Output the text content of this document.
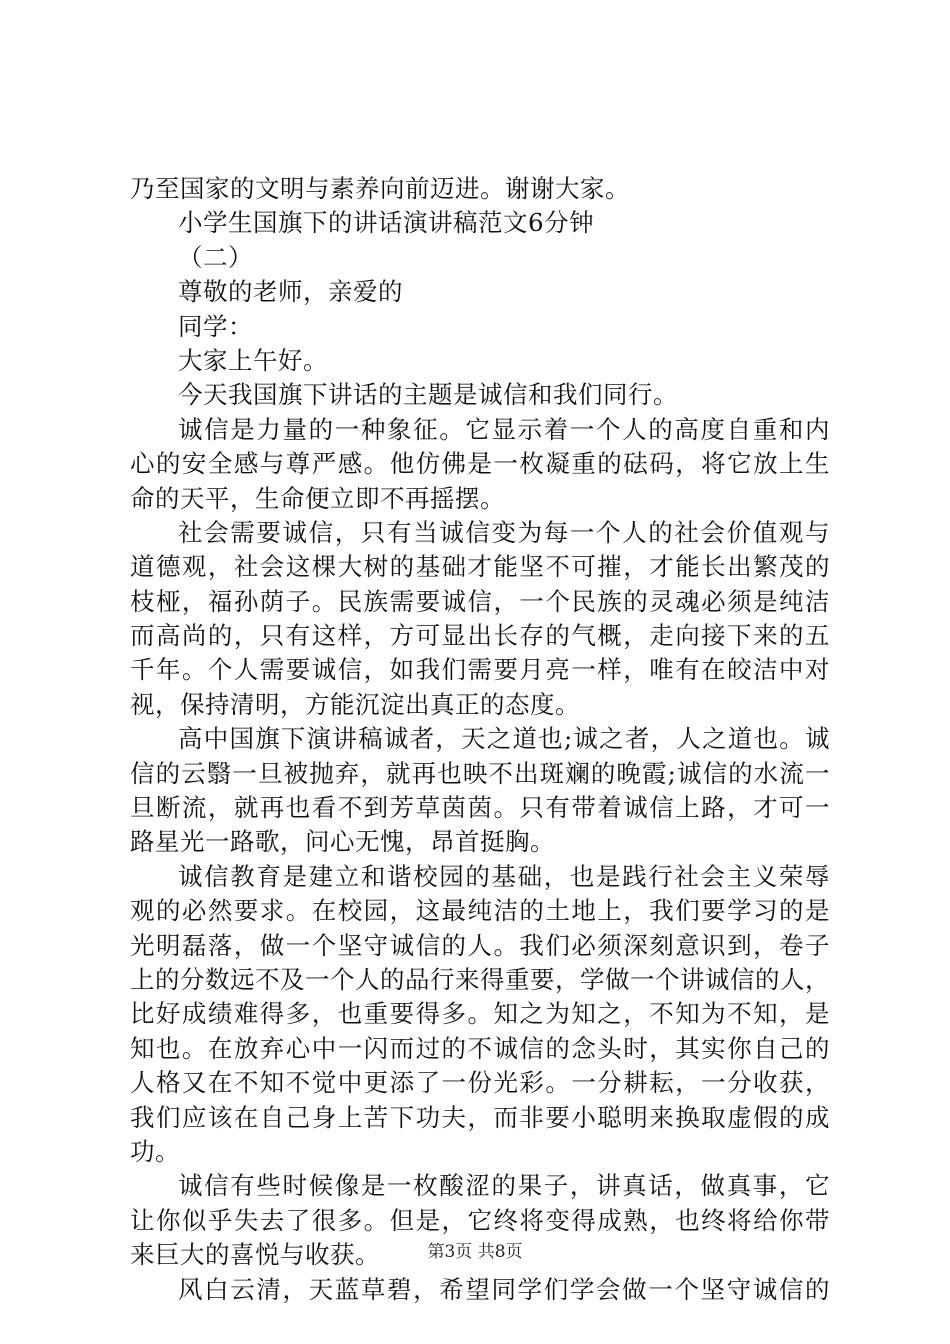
乃至国家的文明与素养向前迈进。谢谢大家。
小学生国旗下的讲话演讲稿范文6分钟
（二）
尊敬的老师，亲爱的
同学：
大家上午好。
今天我国旗下讲话的主题是诚信和我们同行。
诚信是力量的一种象征。它显示着一个人的高度自重和内
心的安全感与尊严感。他仿佛是一枚凝重的砝码，将它放上生
命的天平，生命便立即不再摇摆。
社会需要诚信，只有当诚信变为每一个人的社会价值观与
道德观，社会这棵大树的基础才能坚不可摧，才能长出繁茂的
枝桠，福孙荫子。民族需要诚信，一个民族的灵魂必须是纯洁
而高尚的，只有这样，方可显出长存的气概，走向接下来的五
千年。个人需要诚信，如我们需要月亮一样，唯有在皎洁中对
视，保持清明，方能沉淀出真正的态度。
高中国旗下演讲稿诚者，天之道也;诚之者，人之道也。诚
信的云翳一旦被抛弃，就再也映不出斑斓的晚霞;诚信的水流一
旦断流，就再也看不到芳草茵茵。只有带着诚信上路，才可一
路星光一路歌，问心无愧，昂首挺胸。
诚信教育是建立和谐校园的基础，也是践行社会主义荣辱
观的必然要求。在校园，这最纯洁的土地上，我们要学习的是
光明磊落，做一个坚守诚信的人。我们必须深刻意识到，卷子
上的分数远不及一个人的品行来得重要，学做一个讲诚信的人，
比好成绩难得多，也重要得多。知之为知之，不知为不知，是
知也。在放弃心中一闪而过的不诚信的念头时，其实你自己的
人格又在不知不觉中更添了一份光彩。一分耕耘，一分收获，
我们应该在自己身上苦下功夫，而非要小聪明来换取虚假的成
功。
诚信有些时候像是一枚酸涩的果子，讲真话，做真事，它
让你似乎失去了很多。但是，它终将变得成熟，也终将给你带
来巨大的喜悦与收获。
风白云清，天蓝草碧，希望同学们学会做一个坚守诚信的
第3页 共8页
